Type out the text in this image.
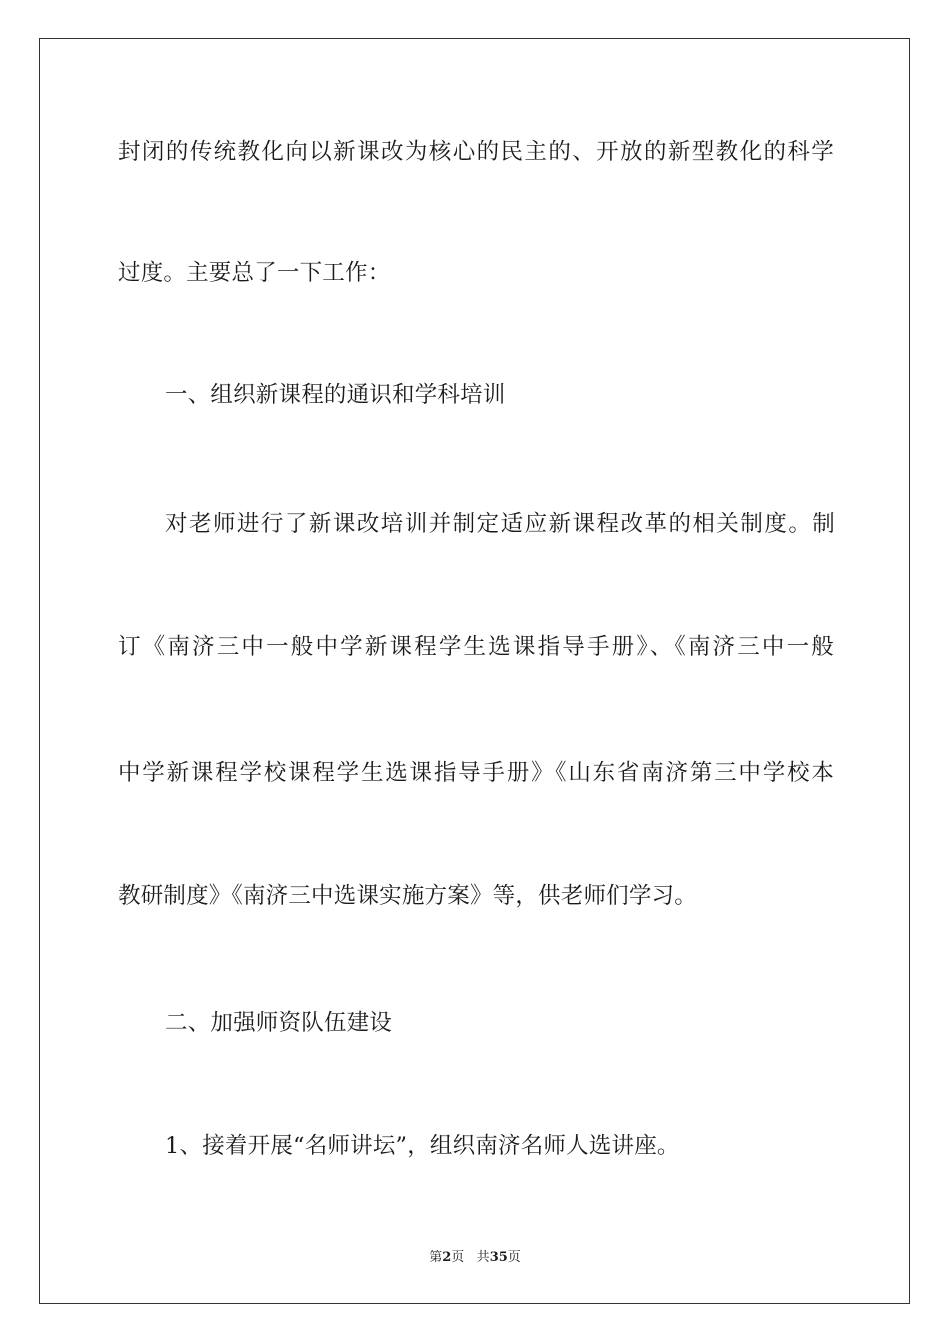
封闭的传统教化向以新课改为核心的民主的、开放的新型教化的科学
过度。主要总了一下工作：
一、组织新课程的通识和学科培训
对老师进行了新课改培训并制定适应新课程改革的相关制度。制
订《南济三中一般中学新课程学生选课指导手册》、《南济三中一般
中学新课程学校课程学生选课指导手册》《山东省南济第三中学校本
教研制度》《南济三中选课实施方案》等，供老师们学习。
二、加强师资队伍建设
1、接着开展“名师讲坛”，组织南济名师人选讲座。
第2页 共35页
